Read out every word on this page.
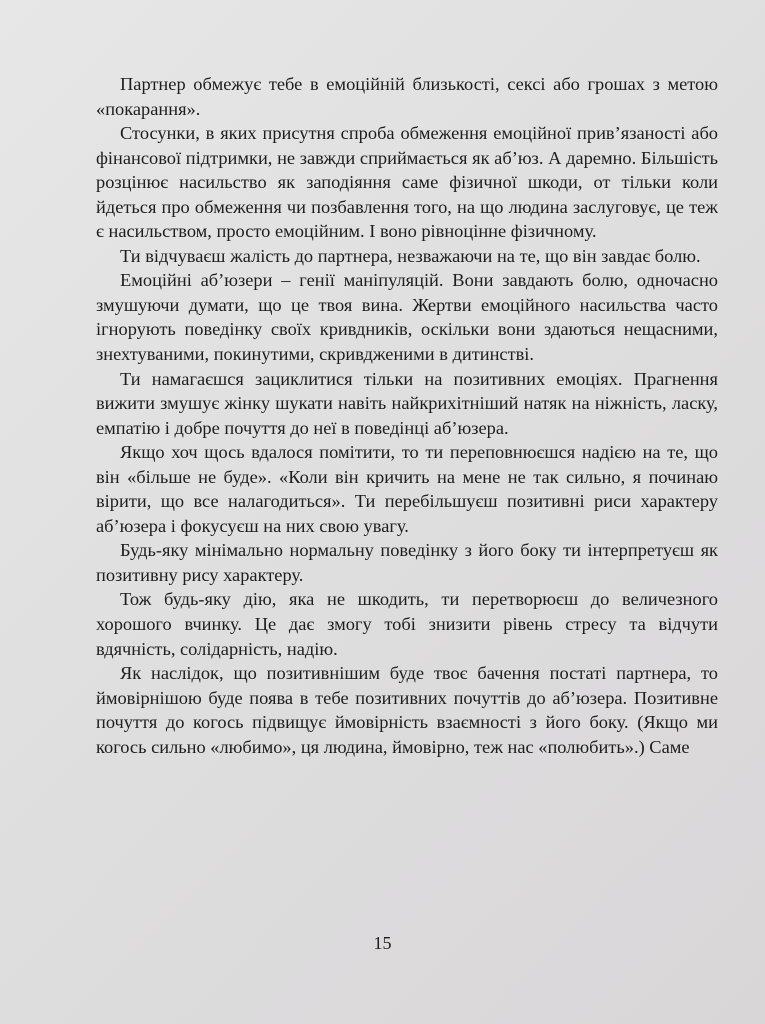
Партнер обмежує тебе в емоційній близькості, сексі або грошах з метою «покарання».

Стосунки, в яких присутня спроба обмеження емоційної прив’язаності або фінансової підтримки, не завжди сприймається як аб’юз. А даремно. Більшість розцінює насильство як заподіяння саме фізичної шкоди, от тільки коли йдеться про обмеження чи позбавлення того, на що людина заслуговує, це теж є насильством, просто емоційним. І воно рівноцінне фізичному.

Ти відчуваєш жалість до партнера, незважаючи на те, що він завдає болю.

Емоційні аб’юзери – генії маніпуляцій. Вони завдають болю, одночасно змушуючи думати, що це твоя вина. Жертви емоційного насильства часто ігнорують поведінку своїх кривдників, оскільки вони здаються нещасними, знехтуваними, покинутими, скривдженими в дитинстві.

Ти намагаєшся зациклитися тільки на позитивних емоціях. Прагнення вижити змушує жінку шукати навіть найкрихітніший натяк на ніжність, ласку, емпатію і добре почуття до неї в поведінці аб’юзера.

Якщо хоч щось вдалося помітити, то ти переповнюєшся надією на те, що він «більше не буде». «Коли він кричить на мене не так сильно, я починаю вірити, що все налагодиться». Ти перебільшуєш позитивні риси характеру аб’юзера і фокусуєш на них свою увагу.

Будь-яку мінімально нормальну поведінку з його боку ти інтерпретуєш як позитивну рису характеру.

Тож будь-яку дію, яка не шкодить, ти перетворюєш до величезного хорошого вчинку. Це дає змогу тобі знизити рівень стресу та відчути вдячність, солідарність, надію.

Як наслідок, що позитивнішим буде твоє бачення постаті партнера, то ймовірнішою буде поява в тебе позитивних почуттів до аб’юзера. Позитивне почуття до когось підвищує ймовірність взаємності з його боку. (Якщо ми когось сильно «любимо», ця людина, ймовірно, теж нас «полюбить».) Саме

15
